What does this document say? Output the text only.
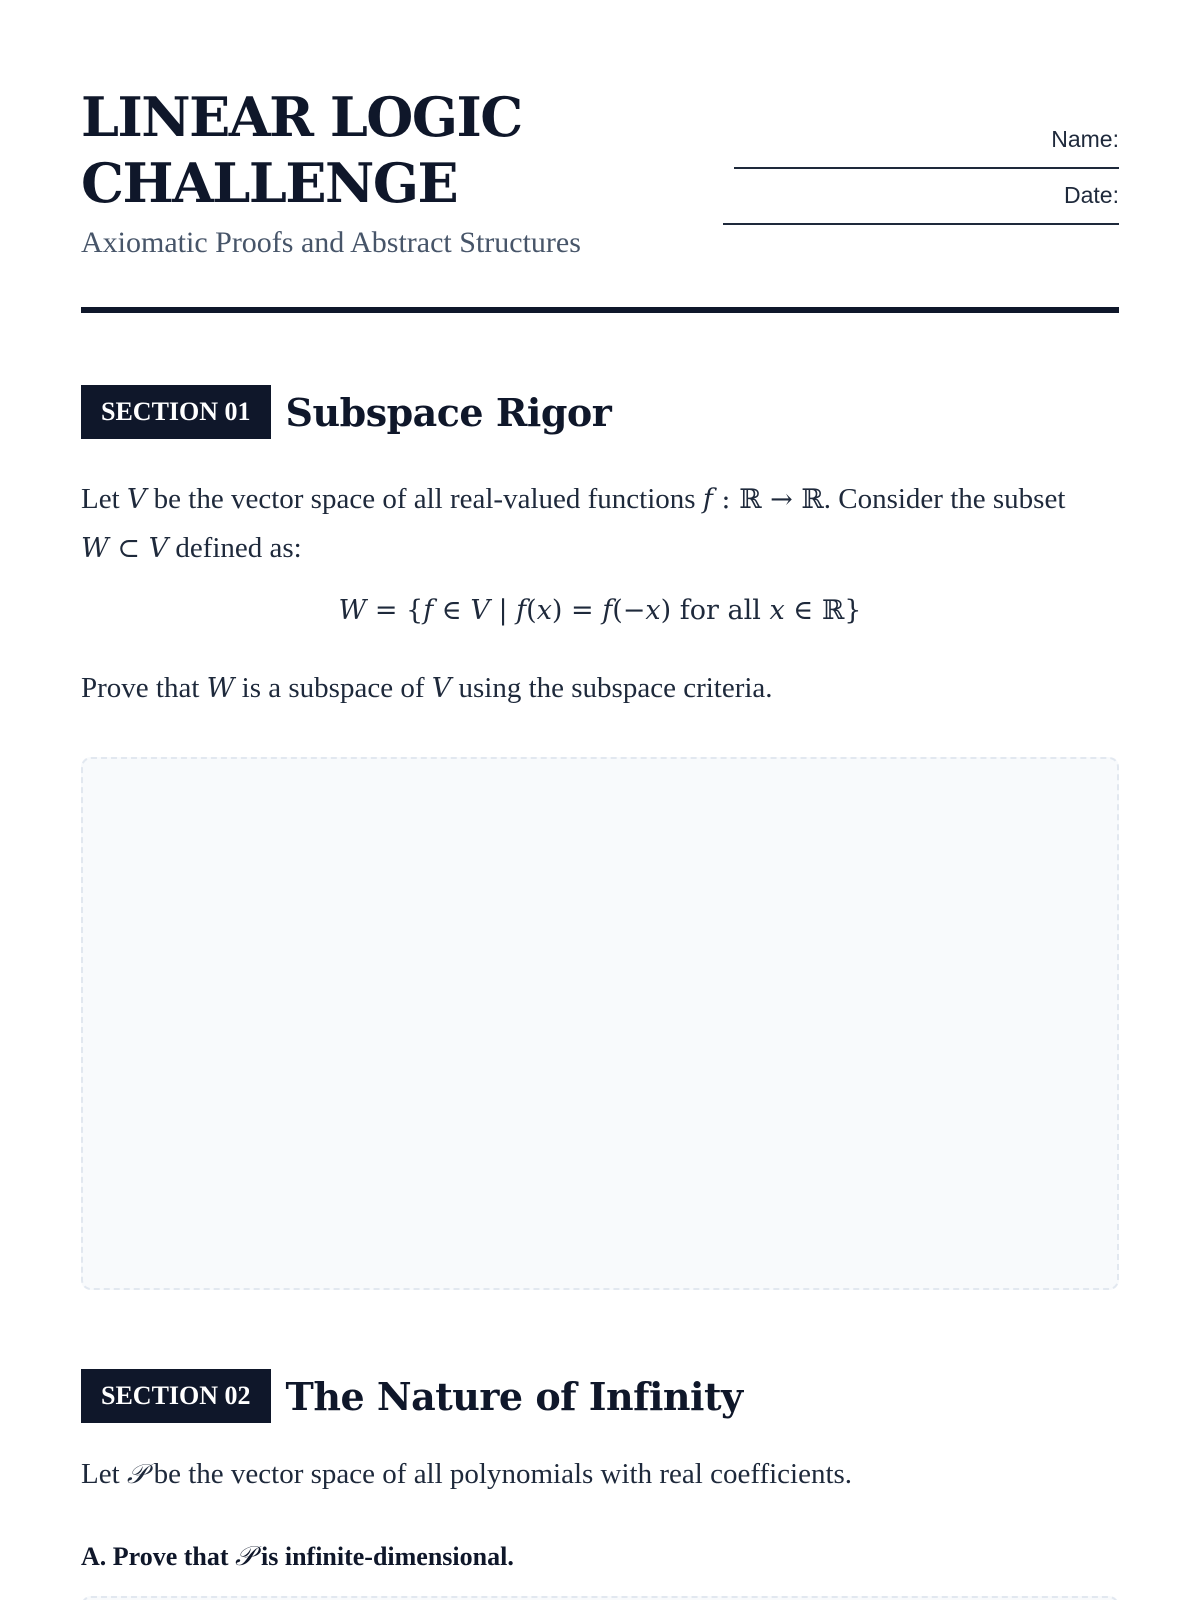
LINEAR LOGIC
CHALLENGE
Axiomatic Proofs and Abstract Structures
Name:
Date:
SECTION 01 Subspace Rigor
Let V be the vector space of all real-valued functions f : ℝ → ℝ. Consider the subset
W ⊂ V defined as:
W = {f ∈ V | f(x) = f(−x) for all x ∈ ℝ}
Prove that W is a subspace of V using the subspace criteria.
SECTION 02 The Nature of Infinity
Let 𝒫 be the vector space of all polynomials with real coefficients.
A. Prove that 𝒫 is infinite-dimensional.
